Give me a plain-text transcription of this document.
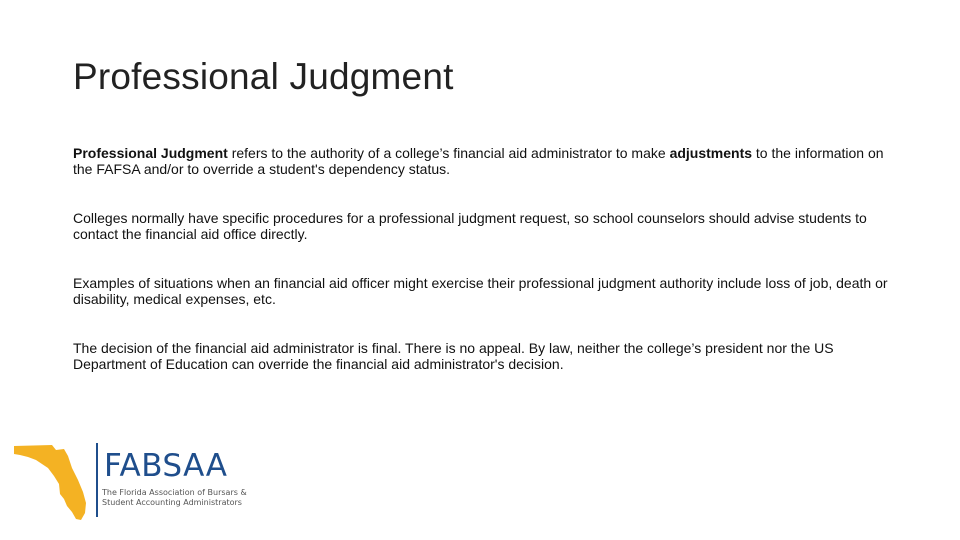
Professional Judgment
Professional Judgment refers to the authority of a college’s financial aid administrator to make adjustments to the information on the FAFSA and/or to override a student's dependency status.
Colleges normally have specific procedures for a professional judgment request, so school counselors should advise students to contact the financial aid office directly.
Examples of situations when an financial aid officer might exercise their professional judgment authority include loss of job, death or disability, medical expenses, etc.
The decision of the financial aid administrator is final. There is no appeal. By law, neither the college’s president nor the US Department of Education can override the financial aid administrator's decision.
FABSAA
The Florida Association of Bursars &
Student Accounting Administrators
